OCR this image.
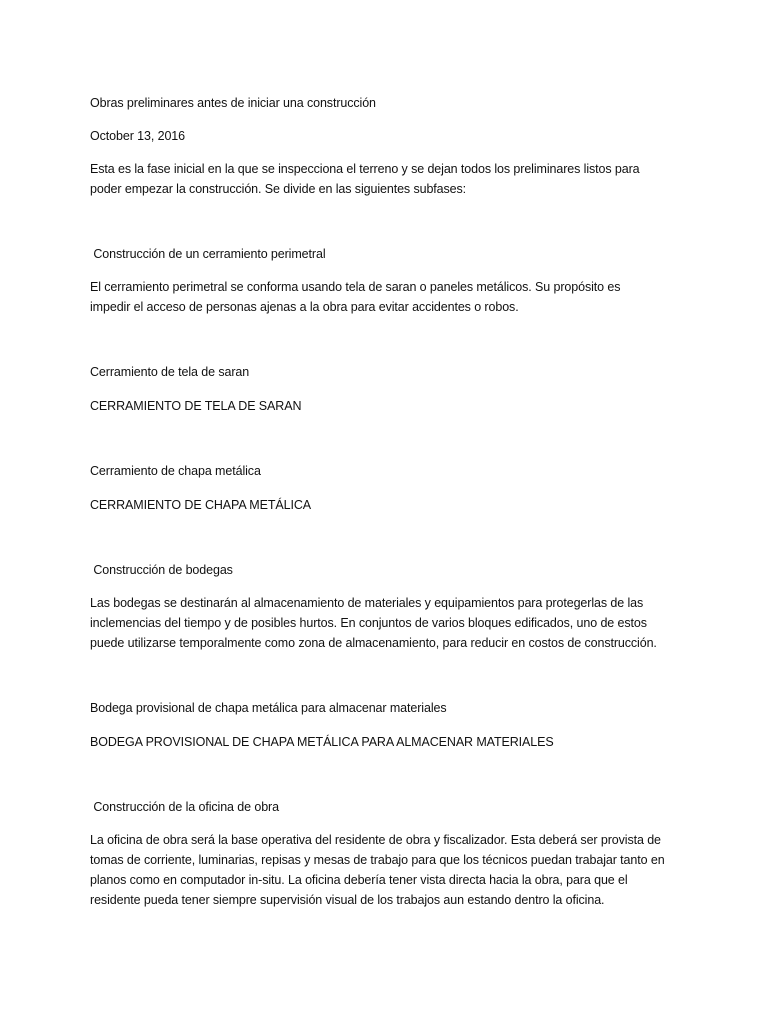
Obras preliminares antes de iniciar una construcción
October 13, 2016
Esta es la fase inicial en la que se inspecciona el terreno y se dejan todos los preliminares listos para poder empezar la construcción. Se divide en las siguientes subfases:
Construcción de un cerramiento perimetral
El cerramiento perimetral se conforma usando tela de saran o paneles metálicos. Su propósito es impedir el acceso de personas ajenas a la obra para evitar accidentes o robos.
Cerramiento de tela de saran
CERRAMIENTO DE TELA DE SARAN
Cerramiento de chapa metálica
CERRAMIENTO DE CHAPA METÁLICA
Construcción de bodegas
Las bodegas se destinarán al almacenamiento de materiales y equipamientos para protegerlas de las inclemencias del tiempo y de posibles hurtos. En conjuntos de varios bloques edificados, uno de estos puede utilizarse temporalmente como zona de almacenamiento, para reducir en costos de construcción.
Bodega provisional de chapa metálica para almacenar materiales
BODEGA PROVISIONAL DE CHAPA METÁLICA PARA ALMACENAR MATERIALES
Construcción de la oficina de obra
La oficina de obra será la base operativa del residente de obra y fiscalizador. Esta deberá ser provista de tomas de corriente, luminarias, repisas y mesas de trabajo para que los técnicos puedan trabajar tanto en planos como en computador in-situ. La oficina debería tener vista directa hacia la obra, para que el residente pueda tener siempre supervisión visual de los trabajos aun estando dentro la oficina.
